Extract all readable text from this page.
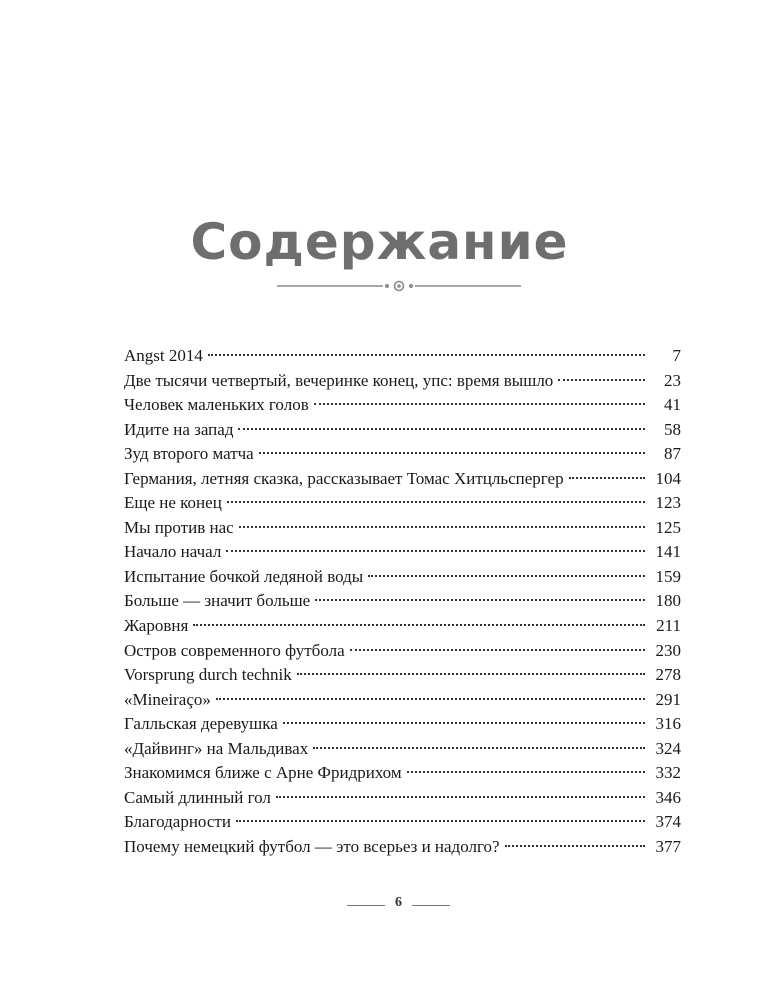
Содержание
Angst 2014	7
Две тысячи четвертый, вечеринке конец, упс: время вышло	23
Человек маленьких голов	41
Идите на запад	58
Зуд второго матча	87
Германия, летняя сказка, рассказывает Томас Хитцльспергер	104
Еще не конец	123
Мы против нас	125
Начало начал	141
Испытание бочкой ледяной воды	159
Больше — значит больше	180
Жаровня	211
Остров современного футбола	230
Vorsprung durch technik	278
«Mineiraço»	291
Галльская деревушка	316
«Дайвинг» на Мальдивах	324
Знакомимся ближе с Арне Фридрихом	332
Самый длинный гол	346
Благодарности	374
Почему немецкий футбол — это всерьез и надолго?	377
6
